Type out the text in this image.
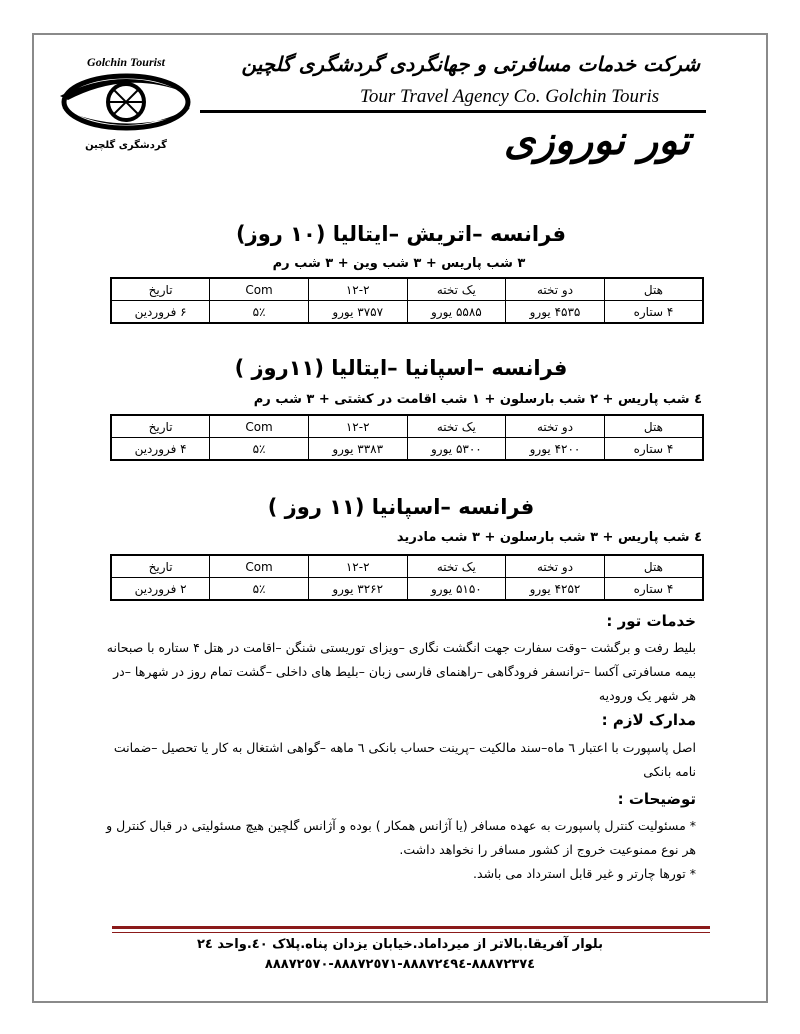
Golchin Tourist
گردشگری گلچین
شرکت خدمات مسافرتی و جهانگردی گردشگری گلچین
Tour Travel Agency Co. Golchin Touris
تور نوروزی
فرانسه –اتریش –ایتالیا (۱۰ روز)
۳ شب پاریس + ۳ شب وین + ۳ شب رم
هتل	دو تخته	یک تخته	۱۲-۲	Com	تاریخ
۴ ستاره	۴۵۳۵ یورو	۵۵۸۵ یورو	۳۷۵۷ یورو	۵٪	۶ فروردین
فرانسه –اسپانیا –ایتالیا (۱۱روز )
٤ شب پاریس + ۲ شب بارسلون + ۱ شب اقامت در کشتی + ۳ شب رم
هتل	دو تخته	یک تخته	۱۲-۲	Com	تاریخ
۴ ستاره	۴۲۰۰ یورو	۵۳۰۰ یورو	۳۳۸۳ یورو	۵٪	۴ فروردین
فرانسه –اسپانیا (۱۱ روز )
٤ شب پاریس + ۳ شب بارسلون + ۳ شب مادرید
هتل	دو تخته	یک تخته	۱۲-۲	Com	تاریخ
۴ ستاره	۴۲۵۲ یورو	۵۱۵۰ یورو	۳۲۶۲ یورو	۵٪	۲ فروردین
خدمات تور :
بلیط رفت و برگشت –وقت سفارت جهت انگشت نگاری –ویزای توریستی شنگن –اقامت در هتل ۴ ستاره با صبحانه بیمه مسافرتی آکسا –ترانسفر فرودگاهی –راهنمای فارسی زبان –بلیط های داخلی –گشت تمام روز در شهرها –در هر شهر یک ورودیه
مدارک لازم :
اصل پاسپورت با اعتبار ٦ ماه–سند مالکیت –پرینت حساب بانکی ٦ ماهه –گواهی اشتغال به کار یا تحصیل –ضمانت نامه بانکی
توضیحات :
* مسئولیت کنترل پاسپورت به عهده مسافر (یا آژانس همکار ) بوده و آژانس گلچین هیچ مسئولیتی در قبال کنترل و هر نوع ممنوعیت خروج از کشور مسافر را نخواهد داشت.
* تورها چارتر و غیر قابل استرداد می باشد.
بلوار آفریقا.بالاتر از میرداماد.خیابان یزدان پناه.پلاک ٤٠.واحد ٢٤
٨٨٨٧٢٣٧٤-٨٨٨٧٢٤٩٤-٨٨٨٧٢٥٧١-٨٨٨٧٢٥٧٠
